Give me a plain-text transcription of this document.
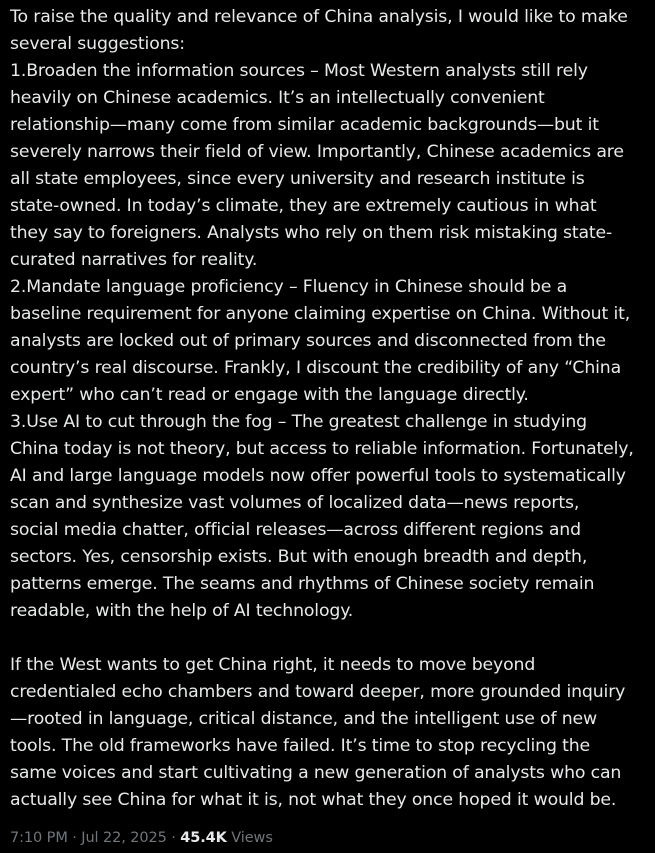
To raise the quality and relevance of China analysis, I would like to make
several suggestions:
1.Broaden the information sources – Most Western analysts still rely
heavily on Chinese academics. It’s an intellectually convenient
relationship—many come from similar academic backgrounds—but it
severely narrows their field of view. Importantly, Chinese academics are
all state employees, since every university and research institute is
state-owned. In today’s climate, they are extremely cautious in what
they say to foreigners. Analysts who rely on them risk mistaking state-
curated narratives for reality.
2.Mandate language proficiency – Fluency in Chinese should be a
baseline requirement for anyone claiming expertise on China. Without it,
analysts are locked out of primary sources and disconnected from the
country’s real discourse. Frankly, I discount the credibility of any “China
expert” who can’t read or engage with the language directly.
3.Use AI to cut through the fog – The greatest challenge in studying
China today is not theory, but access to reliable information. Fortunately,
AI and large language models now offer powerful tools to systematically
scan and synthesize vast volumes of localized data—news reports,
social media chatter, official releases—across different regions and
sectors. Yes, censorship exists. But with enough breadth and depth,
patterns emerge. The seams and rhythms of Chinese society remain
readable, with the help of AI technology.
If the West wants to get China right, it needs to move beyond
credentialed echo chambers and toward deeper, more grounded inquiry
—rooted in language, critical distance, and the intelligent use of new
tools. The old frameworks have failed. It’s time to stop recycling the
same voices and start cultivating a new generation of analysts who can
actually see China for what it is, not what they once hoped it would be.
7:10 PM · Jul 22, 2025 · 45.4K Views
